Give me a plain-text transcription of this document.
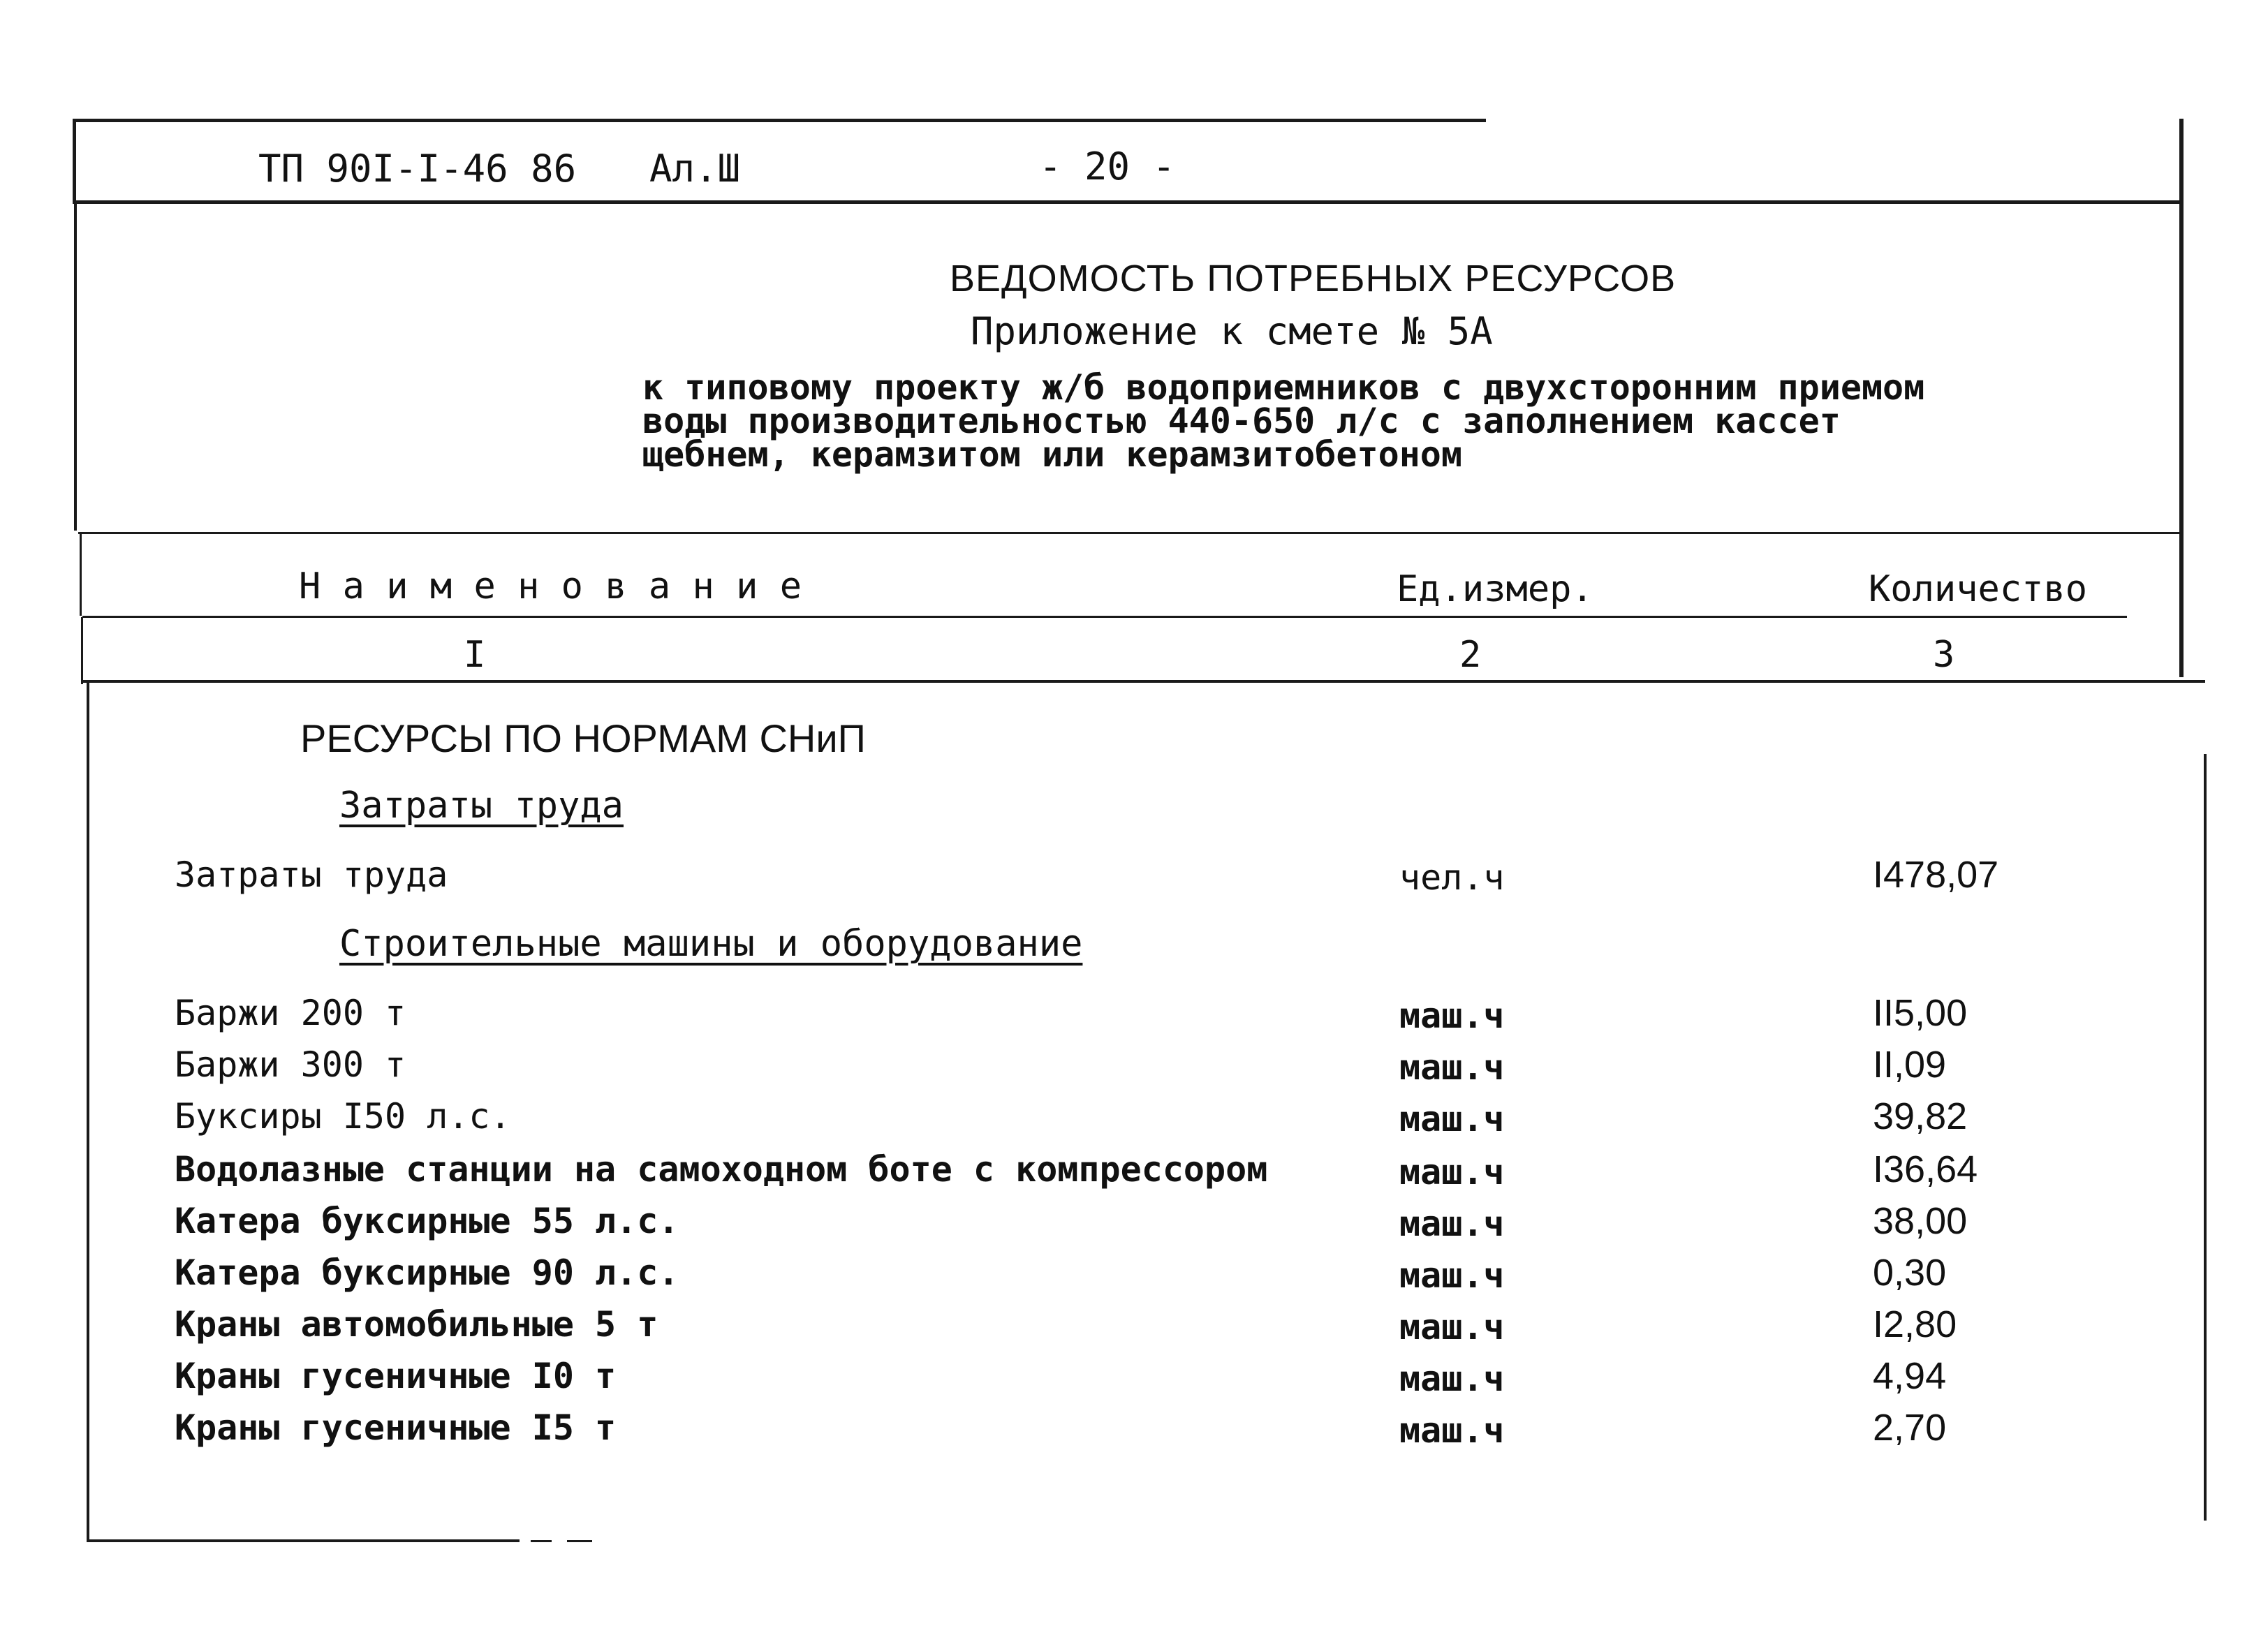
ТП 90I-I-46 86 Ал.Ш	- 20 -
ВЕДОМОСТЬ ПОТРЕБНЫХ РЕСУРСОВ
Приложение к смете № 5А
к типовому проекту ж/б водоприемников с двухсторонним приемом
воды производительностью 440-650 л/с с заполнением кассет
щебнем, керамзитом или керамзитобетоном
Н а и м е н о в а н и е	Ед.измер.	Количество
I	2	3
РЕСУРСЫ ПО НОРМАМ СНиП
Затраты труда
Затраты труда	чел.ч	I478,07
Строительные машины и оборудование
Баржи 200 т	маш.ч	II5,00
Баржи 300 т	маш.ч	II,09
Буксиры I50 л.с.	маш.ч	39,82
Водолазные станции на самоходном боте с компрессором	маш.ч	I36,64
Катера буксирные 55 л.с.	маш.ч	38,00
Катера буксирные 90 л.с.	маш.ч	0,30
Краны автомобильные 5 т	маш.ч	I2,80
Краны гусеничные I0 т	маш.ч	4,94
Краны гусеничные I5 т	маш.ч	2,70
